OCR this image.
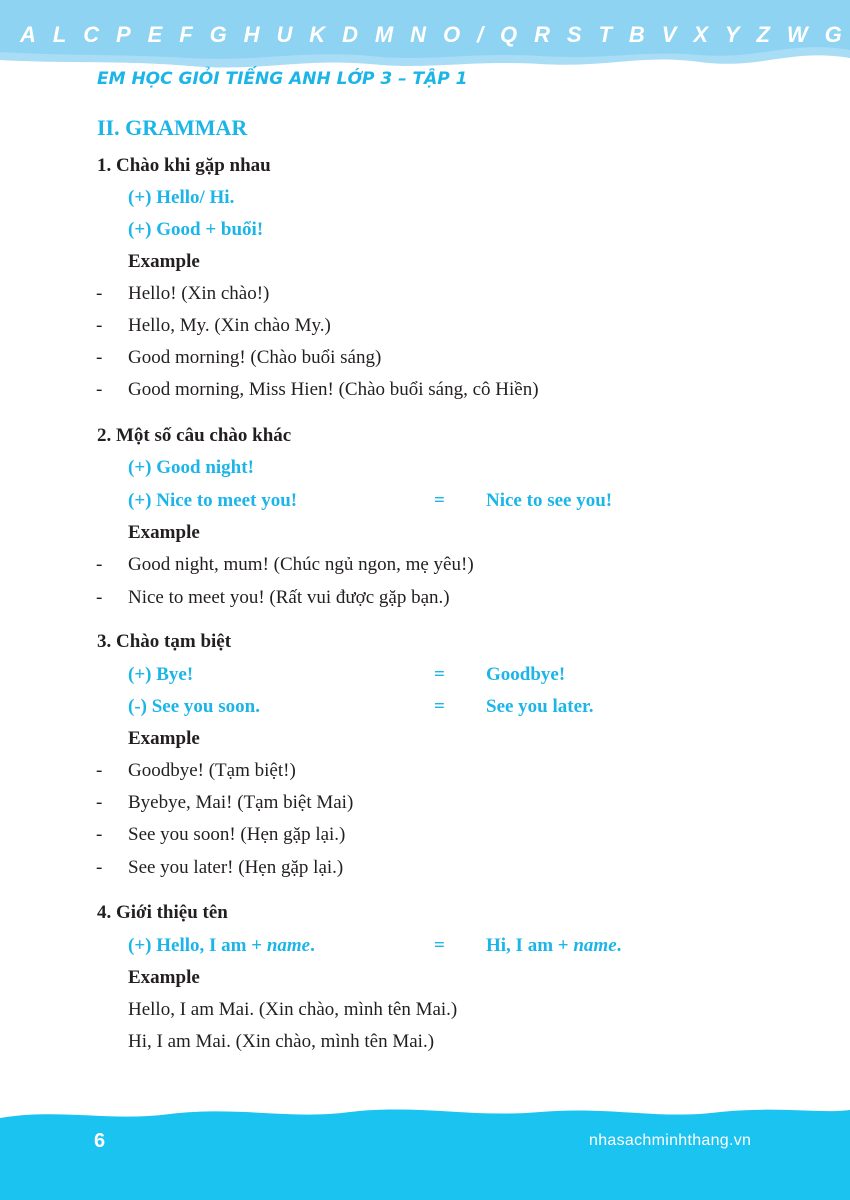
A L C P E F G H U K D M N O / Q R S T B V X Y Z W G
EM HỌC GIỎI TIẾNG ANH LỚP 3 – TẬP 1
II. GRAMMAR
1. Chào khi gặp nhau
(+) Hello/ Hi.
(+) Good + buổi!
Example
- Hello! (Xin chào!)
- Hello, My. (Xin chào My.)
- Good morning! (Chào buổi sáng)
- Good morning, Miss Hien! (Chào buổi sáng, cô Hiền)
2. Một số câu chào khác
(+) Good night!
(+) Nice to meet you!	= Nice to see you!
Example
- Good night, mum! (Chúc ngủ ngon, mẹ yêu!)
- Nice to meet you! (Rất vui được gặp bạn.)
3. Chào tạm biệt
(+) Bye!	= Goodbye!
(-) See you soon.	= See you later.
Example
- Goodbye! (Tạm biệt!)
- Byebye, Mai! (Tạm biệt Mai)
- See you soon! (Hẹn gặp lại.)
- See you later! (Hẹn gặp lại.)
4. Giới thiệu tên
(+) Hello, I am + name.	= Hi, I am + name.
Example
Hello, I am Mai. (Xin chào, mình tên Mai.)
Hi, I am Mai. (Xin chào, mình tên Mai.)
6	nhasachminhthang.vn
